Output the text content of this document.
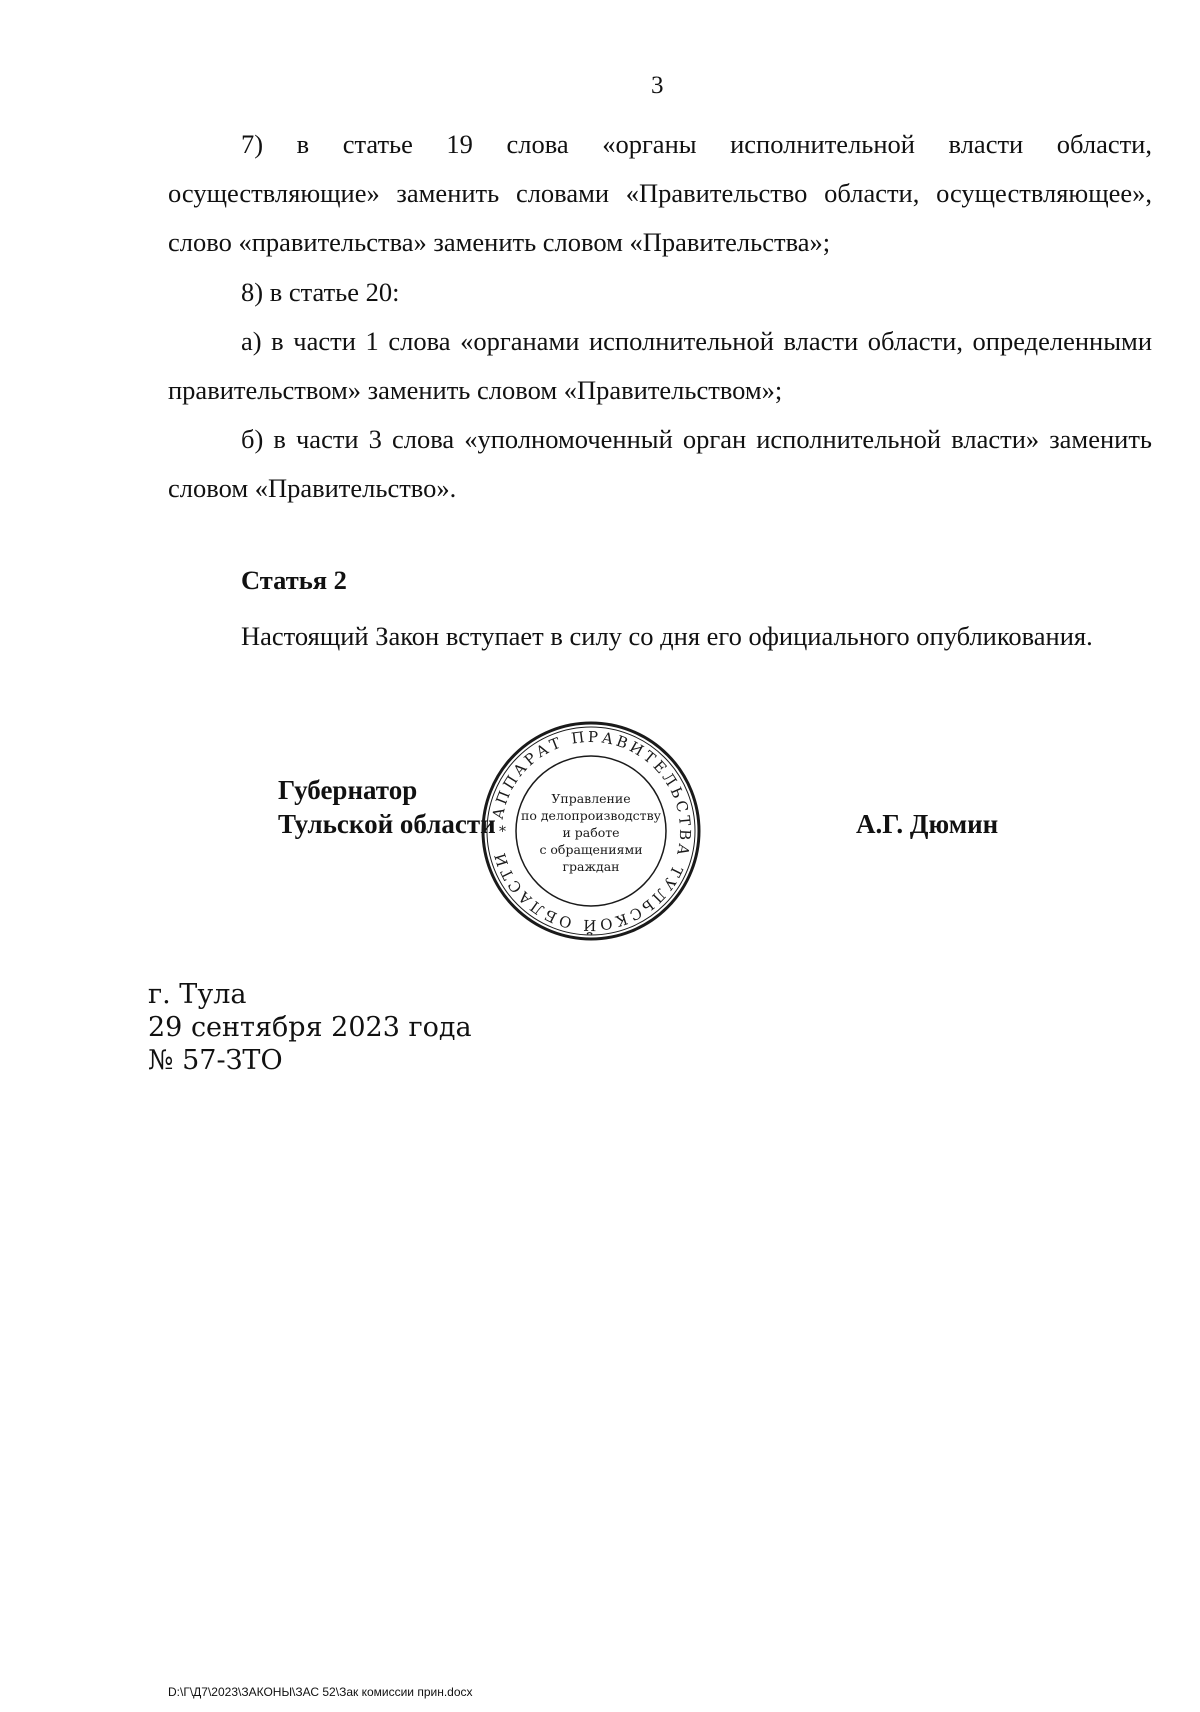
3

7) в статье 19 слова «органы исполнительной власти области, осуществляющие» заменить словами «Правительство области, осуществляющее», слово «правительства» заменить словом «Правительства»;

8) в статье 20:

а) в части 1 слова «органами исполнительной власти области, определенными правительством» заменить словом «Правительством»;

б) в части 3 слова «уполномоченный орган исполнительной власти» заменить словом «Правительство».

Статья 2

Настоящий Закон вступает в силу со дня его официального опубликования.

Губернатор
Тульской области	А.Г. Дюмин
АППАРАТ ПРАВИТЕЛЬСТВА ТУЛЬСКОЙ ОБЛАСТИ
*
Управление
по делопроизводству
и работе
с обращениями
граждан
г. Тула
29 сентября 2023 года
№ 57-ЗТО
D:\Г\Д7\2023\ЗАКОНЫ\ЗАС 52\Зак комиссии прин.docx
